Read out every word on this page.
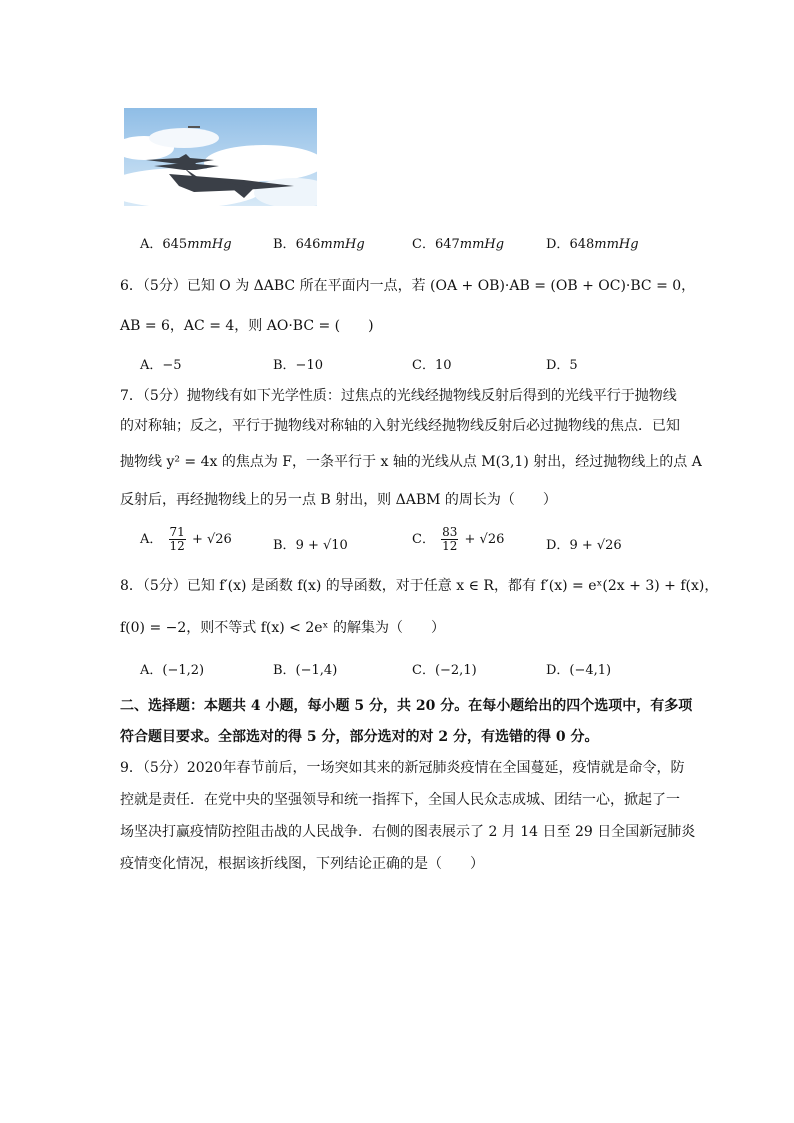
A．645mmHg	B．646mmHg	C．647mmHg	D．648mmHg
6．（5分）已知 O 为 ΔABC 所在平面内一点，若 (OA + OB)·AB = (OB + OC)·BC = 0，
AB = 6，AC = 4，则 AO·BC = (　　)
A．−5	B．−10	C．10	D．5
7．（5分）抛物线有如下光学性质：过焦点的光线经抛物线反射后得到的光线平行于抛物线
的对称轴；反之，平行于抛物线对称轴的入射光线经抛物线反射后必过抛物线的焦点．已知
抛物线 y² = 4x 的焦点为 F，一条平行于 x 轴的光线从点 M(3,1) 射出，经过抛物线上的点 A
反射后，再经抛物线上的另一点 B 射出，则 ΔABM 的周长为（　　）
A． $\frac{71}{12} + √26$	B．9 + √10	C． $\frac{83}{12} + √26$	D．9 + √26
8．（5分）已知 f′(x) 是函数 f(x) 的导函数，对于任意 x ∈ R，都有 f′(x) = eˣ(2x + 3) + f(x)，
f(0) = −2，则不等式 f(x) < 2eˣ 的解集为（　　）
A．(−1,2)	B．(−1,4)	C．(−2,1)	D．(−4,1)
二、选择题：本题共 4 小题，每小题 5 分，共 20 分。在每小题给出的四个选项中，有多项
符合题目要求。全部选对的得 5 分，部分选对的对 2 分，有选错的得 0 分。
9．（5分）2020年春节前后，一场突如其来的新冠肺炎疫情在全国蔓延，疫情就是命令，防
控就是责任．在党中央的坚强领导和统一指挥下，全国人民众志成城、团结一心，掀起了一
场坚决打赢疫情防控阻击战的人民战争．右侧的图表展示了 2 月 14 日至 29 日全国新冠肺炎
疫情变化情况，根据该折线图，下列结论正确的是（　　）
